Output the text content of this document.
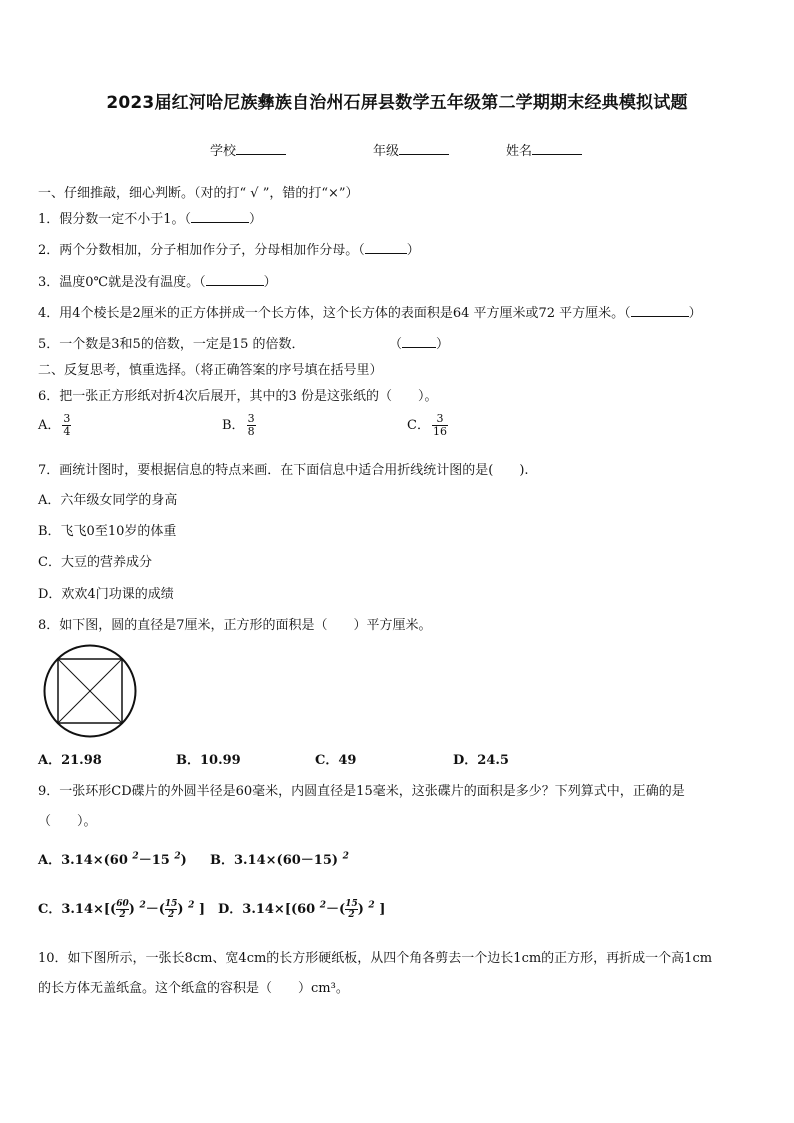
2023届红河哈尼族彝族自治州石屏县数学五年级第二学期期末经典模拟试题
学校	年级	姓名
一、仔细推敲，细心判断。（对的打“ √ ”，错的打“×”）
1．假分数一定不小于1。（	）
2．两个分数相加，分子相加作分子，分母相加作分母。（	）
3．温度0℃就是没有温度。（	）
4．用4个棱长是2厘米的正方体拼成一个长方体，这个长方体的表面积是64 平方厘米或72 平方厘米。（	）
5．一个数是3和5的倍数，一定是15 的倍数．	（	）
二、反复思考，慎重选择。（将正确答案的序号填在括号里）
6．把一张正方形纸对折4次后展开，其中的3 份是这张纸的（　　）。
A． $\frac{3}{4}$	B． $\frac{3}{8}$	C． $\frac{3}{16}$
7．画统计图时，要根据信息的特点来画．在下面信息中适合用折线统计图的是(　　).
A．六年级女同学的身高
B．飞飞0至10岁的体重
C．大豆的营养成分
D．欢欢4门功课的成绩
8．如下图，圆的直径是7厘米，正方形的面积是（　　）平方厘米。
A．21.98	B．10.99	C．49	D．24.5
9．一张环形CD碟片的外圆半径是60毫米，内圆直径是15毫米，这张碟片的面积是多少？下列算式中，正确的是
（　　）。
A．3.14×(60 $^2$－15 $^2$) B．3.14×(60－15) $^2$
C．$3.14\times[( \frac{60}{2}$ ) $^2-( \frac{15}{2}$ ) $^2$ ] D．3.14×[(60 $^2-( \frac{15}{2}$ ) $^2$ ]
10．如下图所示，一张长8cm、宽4cm的长方形硬纸板，从四个角各剪去一个边长1cm的正方形，再折成一个高1cm
的长方体无盖纸盒。这个纸盒的容积是（　　）cm³。
